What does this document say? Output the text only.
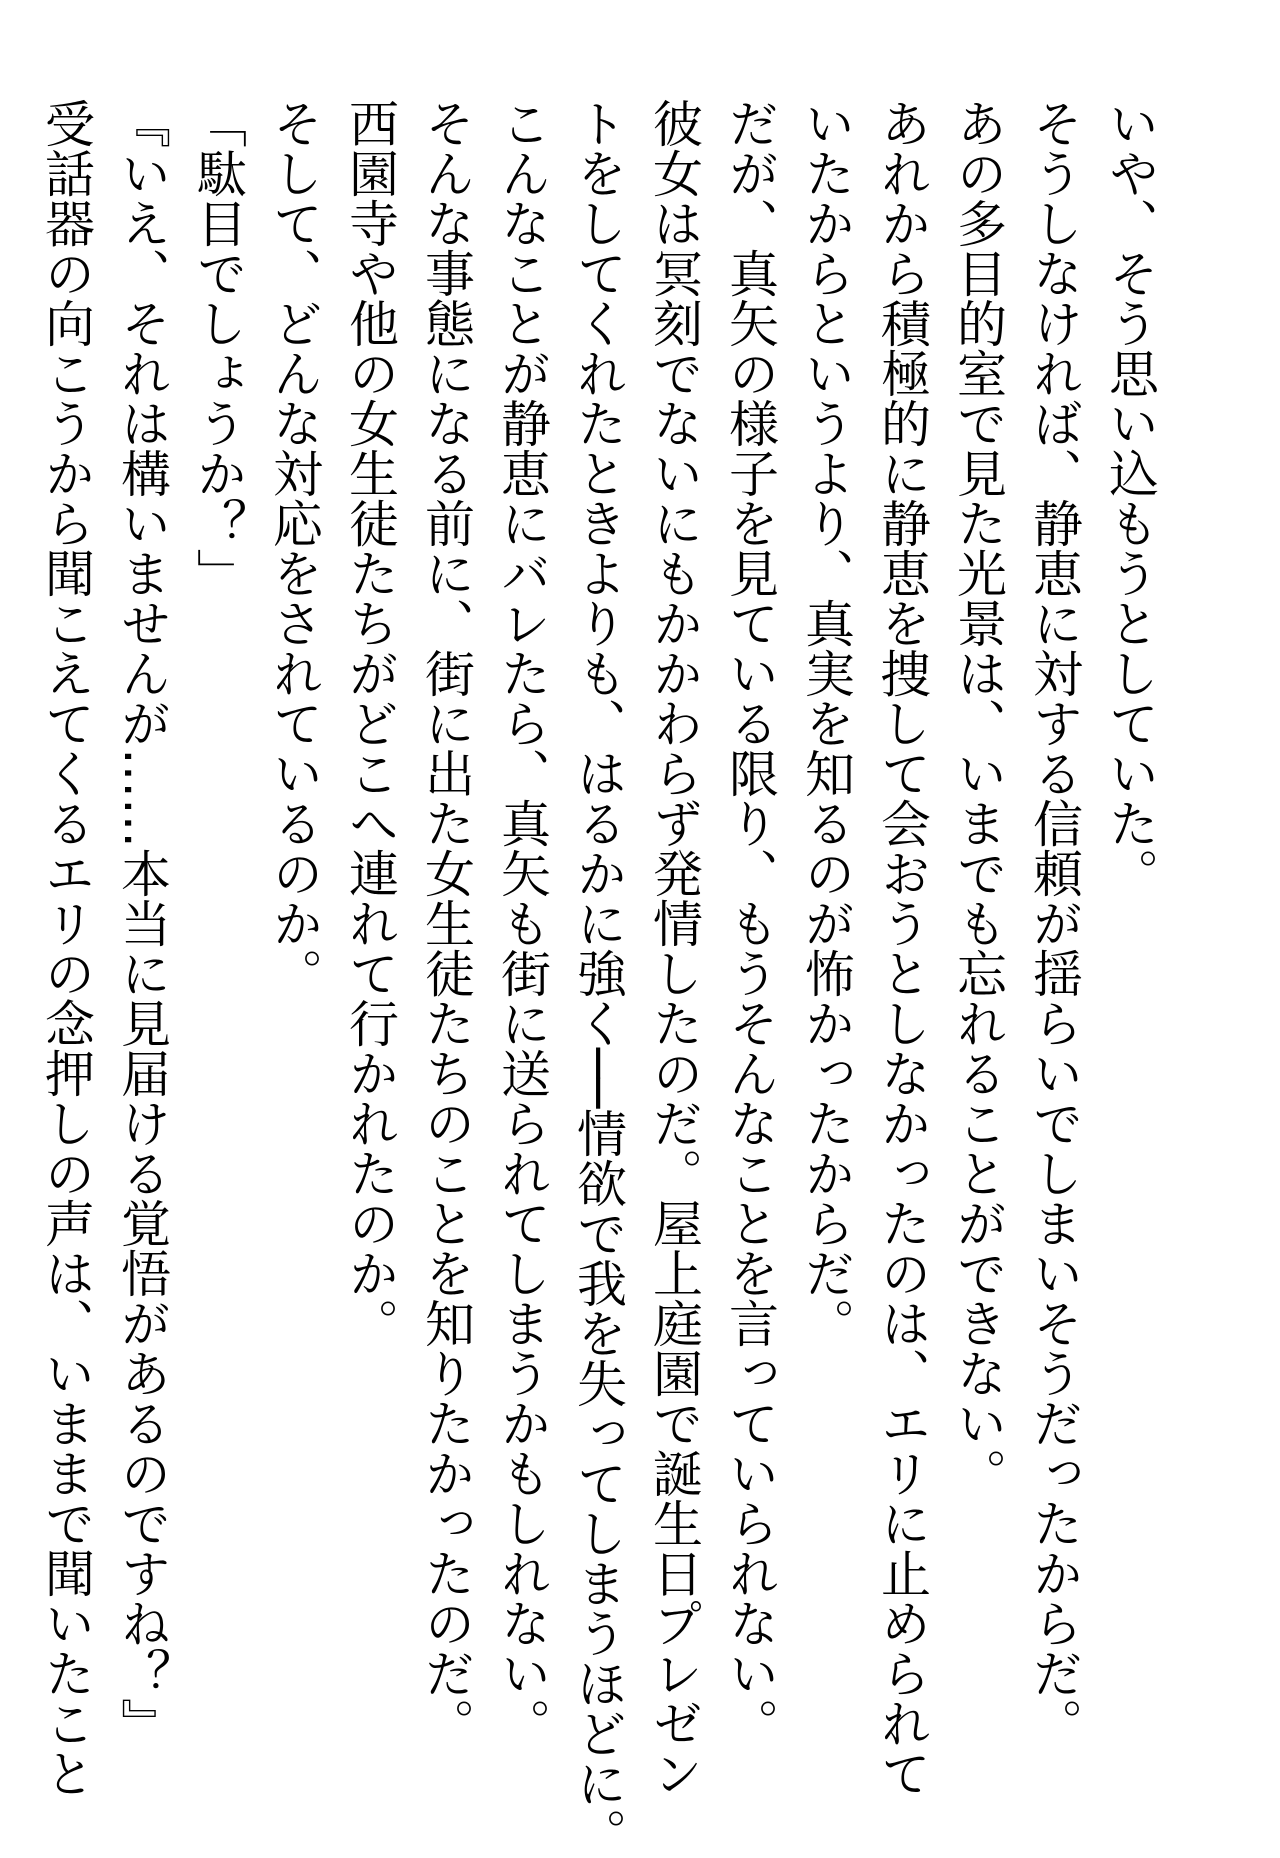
いや、そう思い込もうとしていた。
そうしなければ、静恵に対する信頼が揺らいでしまいそうだったからだ。
あの多目的室で見た光景は、いまでも忘れることができない。
あれから積極的に静恵を捜して会おうとしなかったのは、エリに止められて
いたからというより、真実を知るのが怖かったからだ。
だが、真矢の様子を見ている限り、もうそんなことを言っていられない。
彼女は冥刻でないにもかかわらず発情したのだ。屋上庭園で誕生日プレゼン
トをしてくれたときよりも、はるかに強く──情欲で我を失ってしまうほどに。
こんなことが静恵にバレたら、真矢も街に送られてしまうかもしれない。
そんな事態になる前に、街に出た女生徒たちのことを知りたかったのだ。
西園寺や他の女生徒たちがどこへ連れて行かれたのか。
そして、どんな対応をされているのか。
「駄目でしょうか？」
『いえ、それは構いませんが……本当に見届ける覚悟があるのですね？』
受話器の向こうから聞こえてくるエリの念押しの声は、いままで聞いたこと
